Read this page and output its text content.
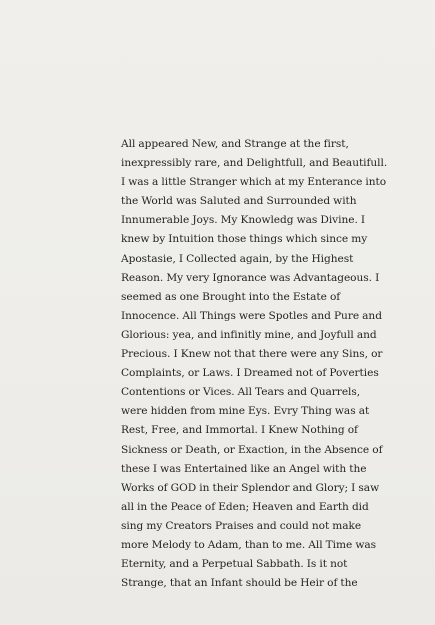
All appeared New, and Strange at the first,
inexpressibly rare, and Delightfull, and Beautifull.
I was a little Stranger which at my Enterance into
the World was Saluted and Surrounded with
Innumerable Joys. My Knowledg was Divine. I
knew by Intuition those things which since my
Apostasie, I Collected again, by the Highest
Reason. My very Ignorance was Advantageous. I
seemed as one Brought into the Estate of
Innocence. All Things were Spotles and Pure and
Glorious: yea, and infinitly mine, and Joyfull and
Precious. I Knew not that there were any Sins, or
Complaints, or Laws. I Dreamed not of Poverties
Contentions or Vices. All Tears and Quarrels,
were hidden from mine Eys. Evry Thing was at
Rest, Free, and Immortal. I Knew Nothing of
Sickness or Death, or Exaction, in the Absence of
these I was Entertained like an Angel with the
Works of GOD in their Splendor and Glory; I saw
all in the Peace of Eden; Heaven and Earth did
sing my Creators Praises and could not make
more Melody to Adam, than to me. All Time was
Eternity, and a Perpetual Sabbath. Is it not
Strange, that an Infant should be Heir of the
